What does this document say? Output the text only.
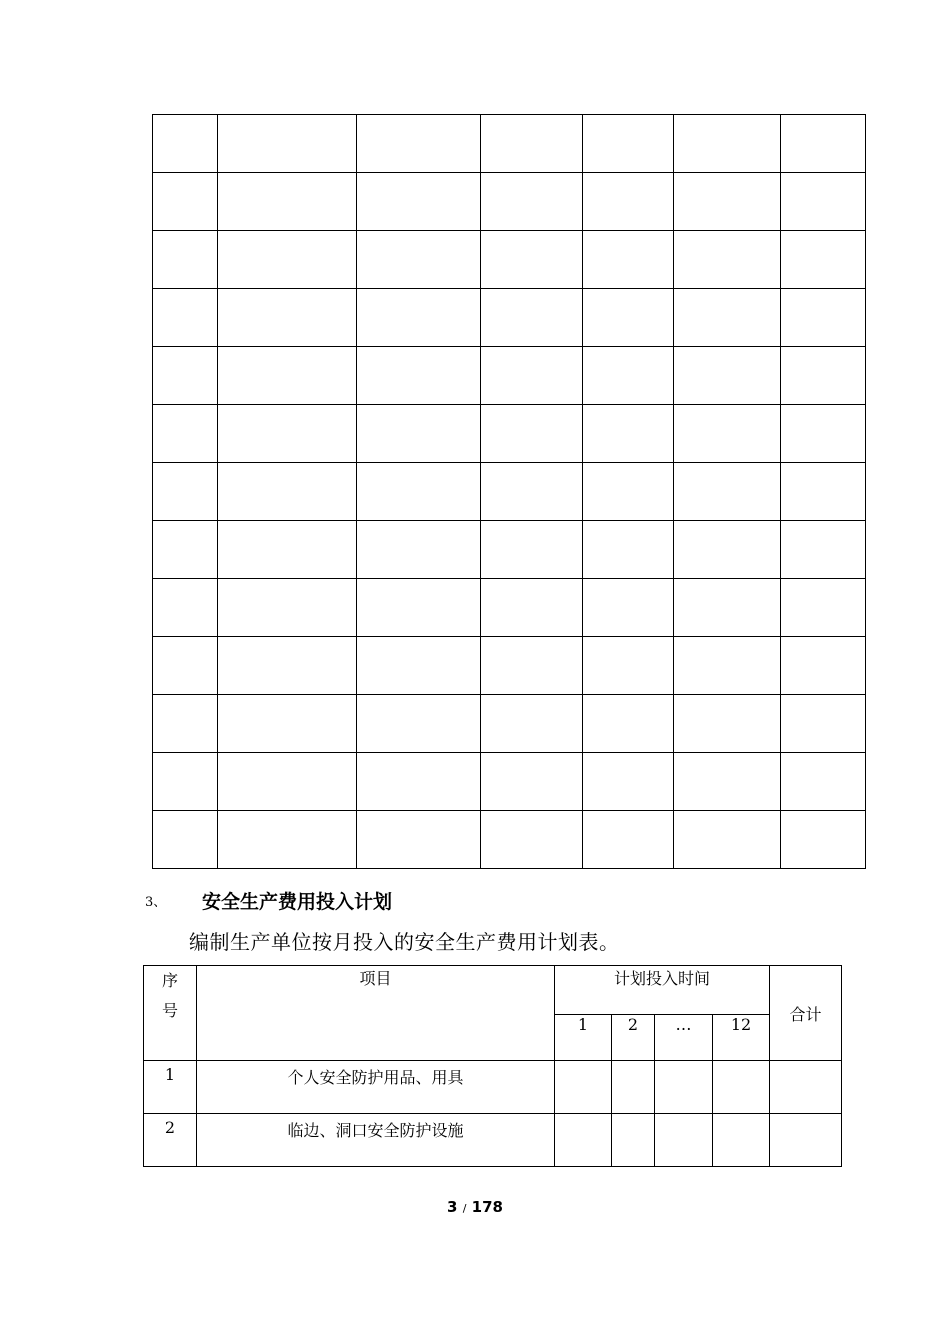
3、	安全生产费用投入计划
编制生产单位按月投入的安全生产费用计划表。
序号	项目	计划投入时间				合计
		1	2	…	12	
1	个人安全防护用品、用具					
2	临边、洞口安全防护设施					
3 / 178
